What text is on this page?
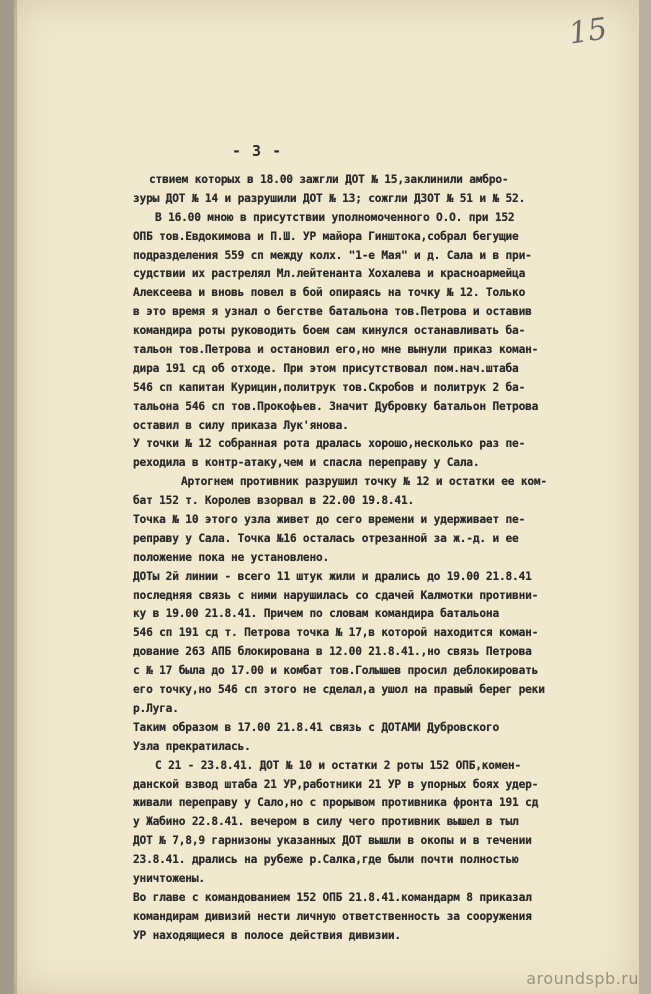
15
- 3 -
ствием которых в 18.00 зажгли ДОТ № 15,заклинили амбро-
зуры ДОТ № 14 и разрушили ДОТ № 13; сожгли ДЗОТ № 51 и № 52.
В 16.00 мною в присутствии уполномоченного О.О. при 152
ОПБ тов.Евдокимова и П.Ш. УР майора Гинштока,собрал бегущие
подразделения 559 сп между колх. "1-е Мая" и д. Сала и в при-
судствии их растрелял Мл.лейтенанта Хохалева и красноармейца
Алексеева и вновь повел в бой опираясь на точку № 12. Только
в это время я узнал о бегстве батальона тов.Петрова и оставив
командира роты руководить боем сам кинулся останавливать ба-
тальон тов.Петрова и остановил его,но мне вынули приказ коман-
дира 191 сд об отходе. При этом присутствовал пом.нач.штаба
546 сп капитан Курицин,политрук тов.Скробов и политрук 2 ба-
тальона 546 сп тов.Прокофьев. Значит Дубровку батальон Петрова
оставил в силу приказа Лук'янова.
У точки № 12 собранная рота дралась хорошо,несколько раз пе-
реходила в контр-атаку,чем и спасла переправу у Сала.
Артогнем противник разрушил точку № 12 и остатки ее ком-
бат 152 т. Королев взорвал в 22.00 19.8.41.
Точка № 10 этого узла живет до сего времени и удерживает пе-
реправу у Сала. Точка №16 осталась отрезанной за ж.-д. и ее
положение пока не установлено.
ДОТы 2й линии - всего 11 штук жили и дрались до 19.00 21.8.41
последняя связь с ними нарушилась со сдачей Калмотки противни-
ку в 19.00 21.8.41. Причем по словам командира батальона
546 сп 191 сд т. Петрова точка № 17,в которой находится коман-
дование 263 АПБ блокирована в 12.00 21.8.41.,но связь Петрова
с № 17 была до 17.00 и комбат тов.Голышев просил деблокировать
его точку,но 546 сп этого не сделал,а ушол на правый берег реки
р.Луга.
Таким образом в 17.00 21.8.41 связь с ДОТАМИ Дубровского
Узла прекратилась.
С 21 - 23.8.41. ДОТ № 10 и остатки 2 роты 152 ОПБ,комен-
данской взвод штаба 21 УР,работники 21 УР в упорных боях удер-
живали переправу у Сало,но с прорывом противника фронта 191 сд
у Жабино 22.8.41. вечером в силу чего противник вышел в тыл
ДОТ № 7,8,9 гарнизоны указанных ДОТ вышли в окопы и в течении
23.8.41. дрались на рубеже р.Салка,где были почти полностью
уничтожены.
Во главе с командованием 152 ОПБ 21.8.41.командарм 8 приказал
командирам дивизий нести личную ответственность за сооружения
УР находящиеся в полосе действия дивизии.
aroundspb.ru
